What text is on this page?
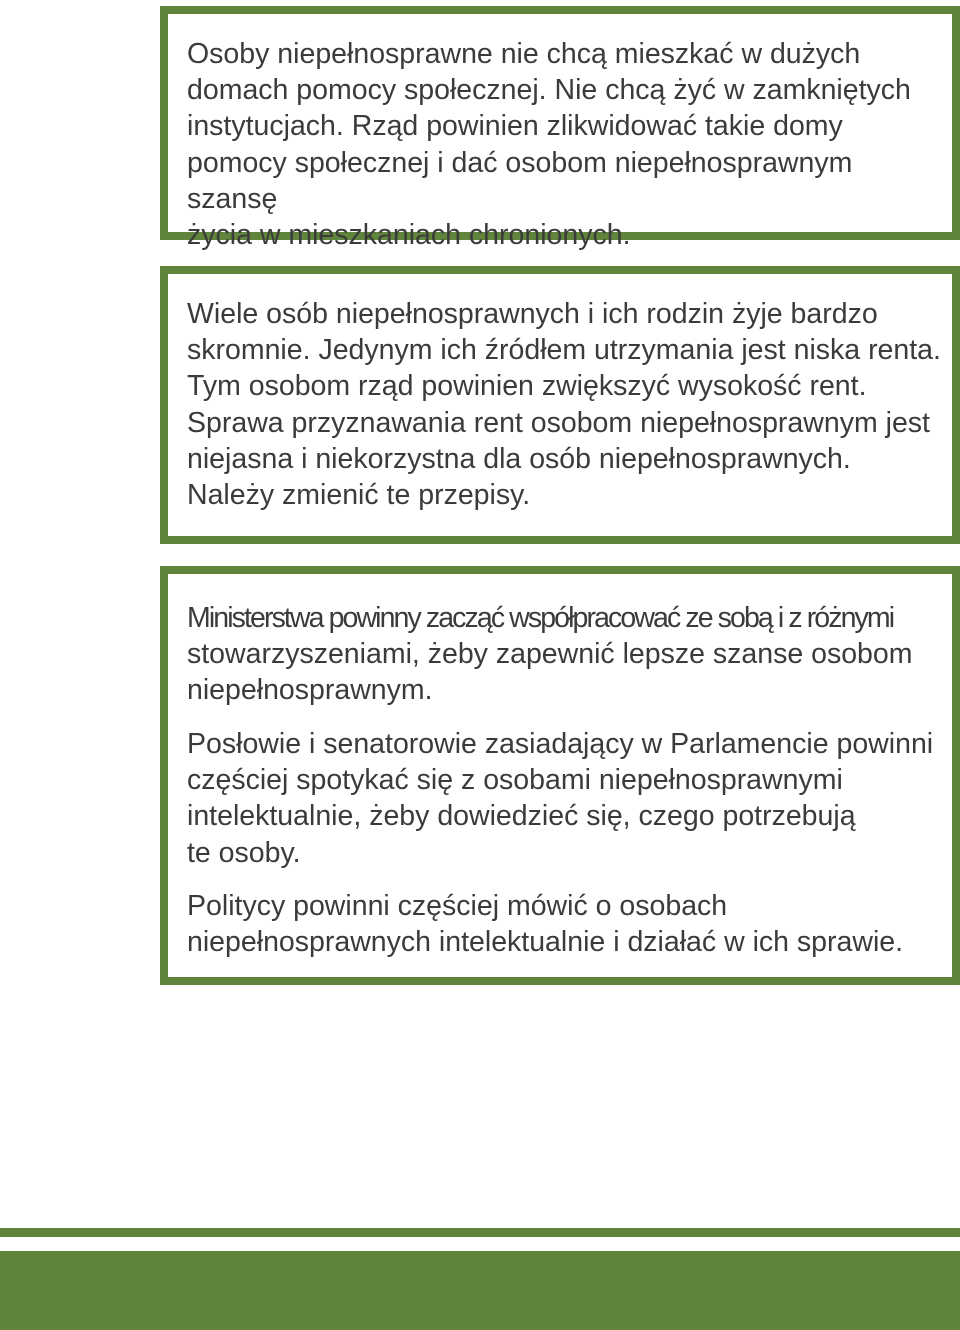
Osoby niepełnosprawne nie chcą mieszkać w dużych
domach pomocy społecznej. Nie chcą żyć w zamkniętych
instytucjach. Rząd powinien zlikwidować takie domy
pomocy społecznej i dać osobom niepełnosprawnym szansę
życia w mieszkaniach chronionych.

Wiele osób niepełnosprawnych i ich rodzin żyje bardzo
skromnie. Jedynym ich źródłem utrzymania jest niska renta.
Tym osobom rząd powinien zwiększyć wysokość rent.
Sprawa przyznawania rent osobom niepełnosprawnym jest
niejasna i niekorzystna dla osób niepełnosprawnych.
Należy zmienić te przepisy.

Ministerstwa powinny zacząć współpracować ze sobą i z różnymi
stowarzyszeniami, żeby zapewnić lepsze szanse osobom
niepełnosprawnym.

Posłowie i senatorowie zasiadający w Parlamencie powinni
częściej spotykać się z osobami niepełnosprawnymi
intelektualnie, żeby dowiedzieć się, czego potrzebują
te osoby.

Politycy powinni częściej mówić o osobach
niepełnosprawnych intelektualnie i działać w ich sprawie.
